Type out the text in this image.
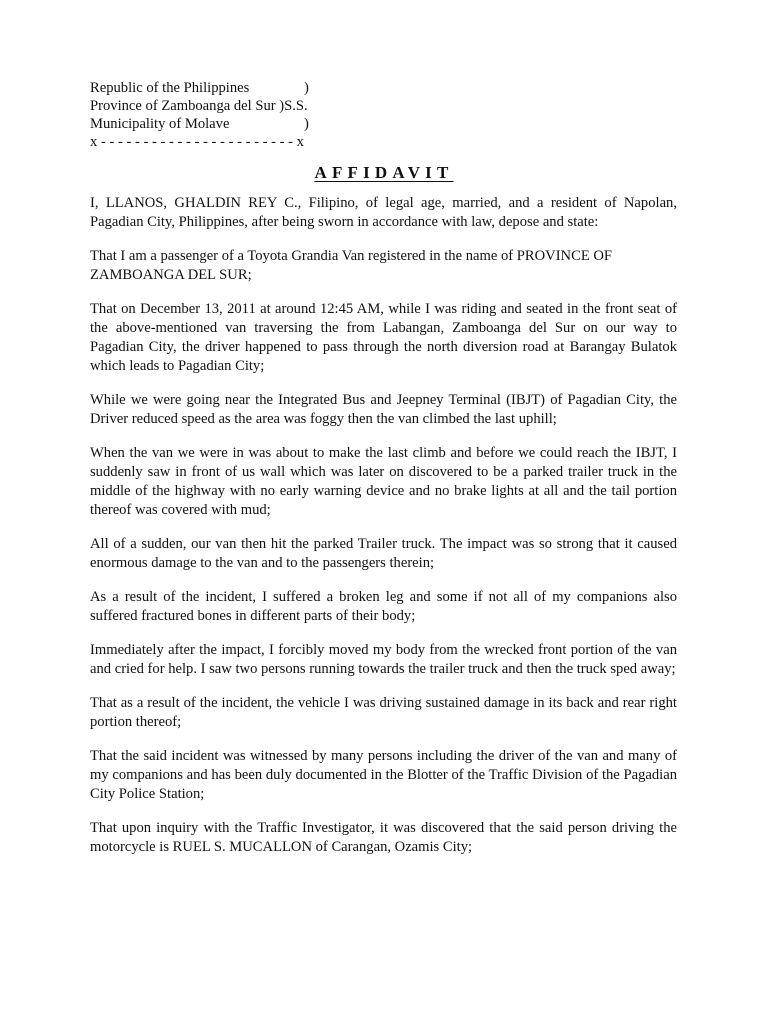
Republic of the Philippines	)
Province of Zamboanga del Sur )S.S.
Municipality of Molave	)
x - - - - - - - - - - - - - - - - - - - - - - - x
AFFIDAVIT

I, LLANOS, GHALDIN REY C., Filipino, of legal age, married, and a resident of Napolan, Pagadian City, Philippines, after being sworn in accordance with law, depose and state:

That I am a passenger of a Toyota Grandia Van registered in the name of PROVINCE OF ZAMBOANGA DEL SUR;

That on December 13, 2011 at around 12:45 AM, while I was riding and seated in the front seat of the above-mentioned van traversing the from Labangan, Zamboanga del Sur on our way to Pagadian City, the driver happened to pass through the north diversion road at Barangay Bulatok which leads to Pagadian City;

While we were going near the Integrated Bus and Jeepney Terminal (IBJT) of Pagadian City, the Driver reduced speed as the area was foggy then the van climbed the last uphill;

When the van we were in was about to make the last climb and before we could reach the IBJT, I suddenly saw in front of us wall which was later on discovered to be a parked trailer truck in the middle of the highway with no early warning device and no brake lights at all and the tail portion thereof was covered with mud;

All of a sudden, our van then hit the parked Trailer truck. The impact was so strong that it caused enormous damage to the van and to the passengers therein;

As a result of the incident, I suffered a broken leg and some if not all of my companions also suffered fractured bones in different parts of their body;

Immediately after the impact, I forcibly moved my body from the wrecked front portion of the van and cried for help. I saw two persons running towards the trailer truck and then the truck sped away;

That as a result of the incident, the vehicle I was driving sustained damage in its back and rear right portion thereof;

That the said incident was witnessed by many persons including the driver of the van and many of my companions and has been duly documented in the Blotter of the Traffic Division of the Pagadian City Police Station;

That upon inquiry with the Traffic Investigator, it was discovered that the said person driving the motorcycle is RUEL S. MUCALLON of Carangan, Ozamis City;
